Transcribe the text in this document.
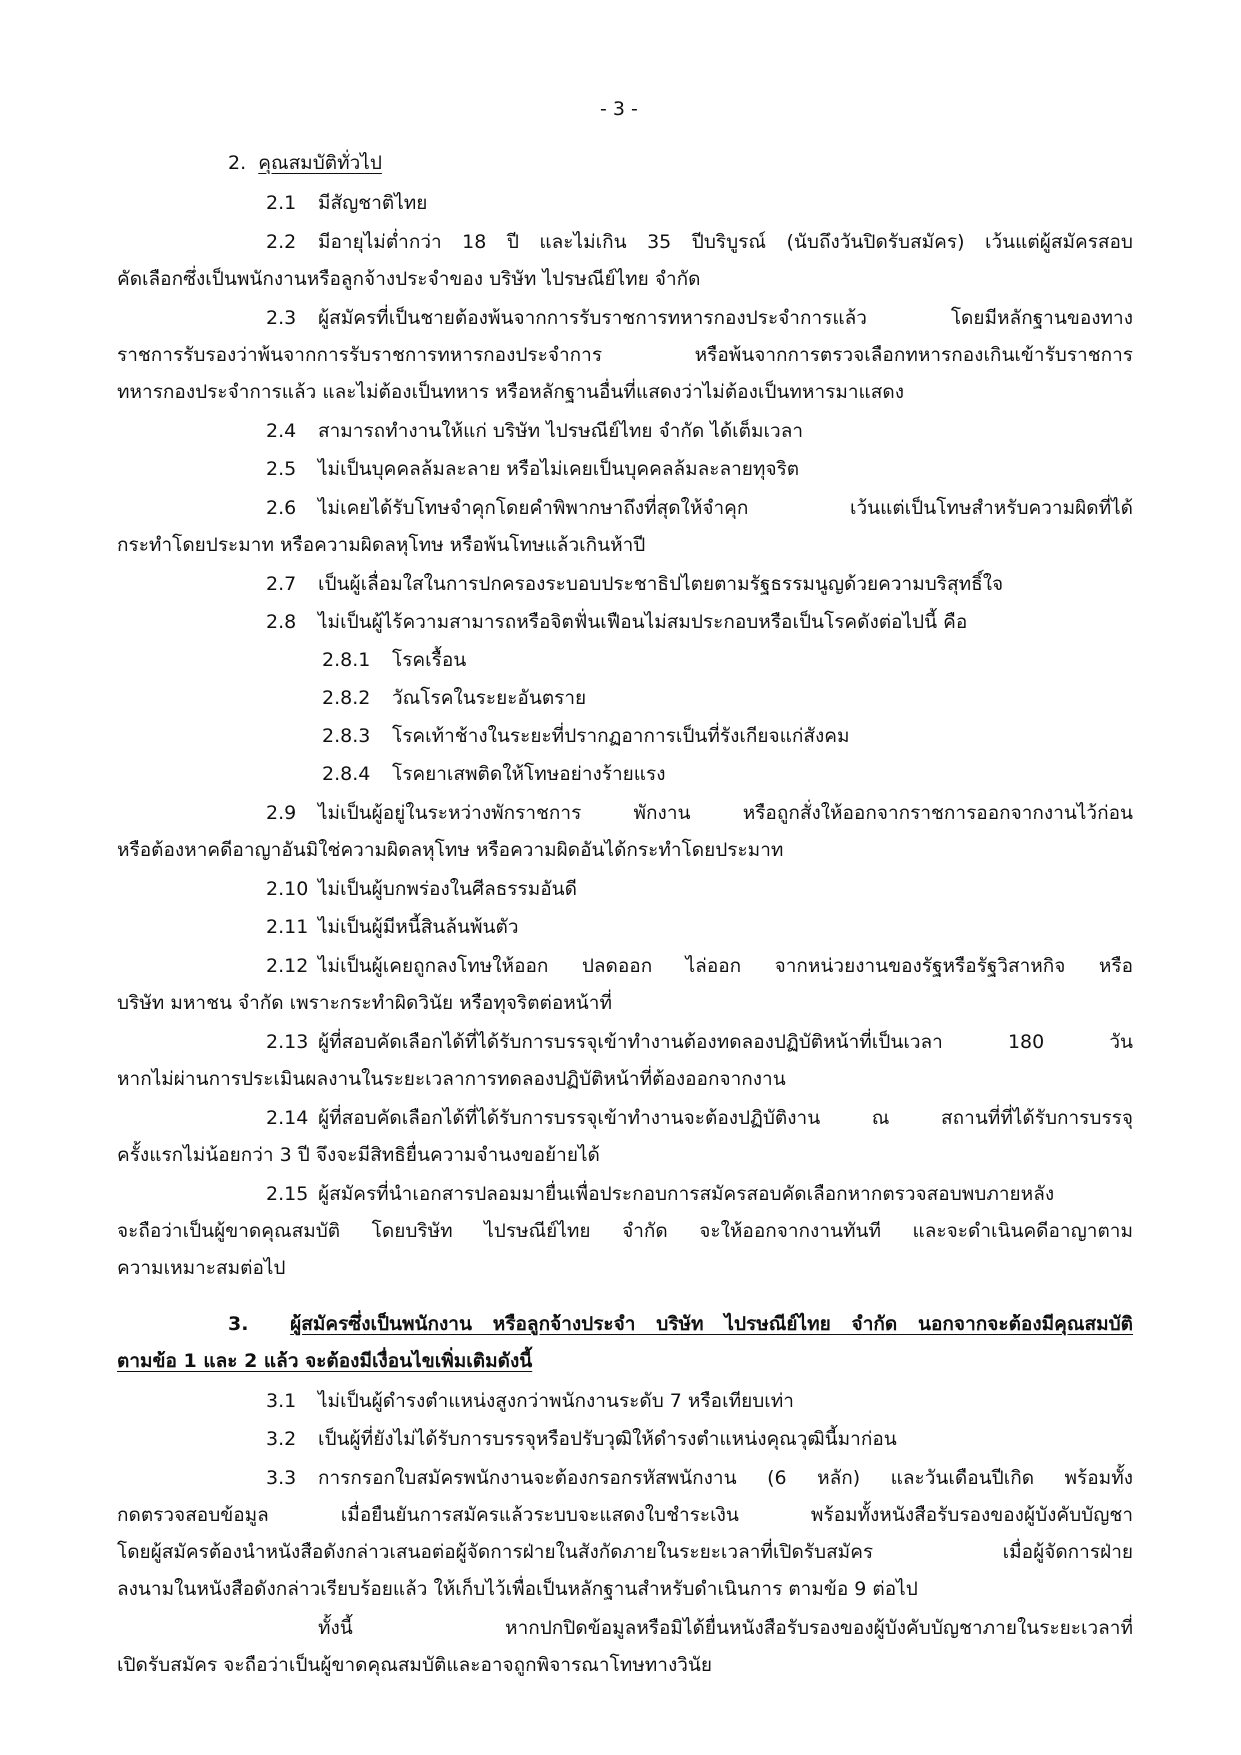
- 3 -
2. คุณสมบัติทั่วไป
2.1 มีสัญชาติไทย
2.2 มีอายุไม่ต่ำกว่า 18 ปี และไม่เกิน 35 ปีบริบูรณ์ (นับถึงวันปิดรับสมัคร) เว้นแต่ผู้สมัครสอบ
คัดเลือกซึ่งเป็นพนักงานหรือลูกจ้างประจำของ บริษัท ไปรษณีย์ไทย จำกัด
2.3 ผู้สมัครที่เป็นชายต้องพ้นจากการรับราชการทหารกองประจำการแล้ว โดยมีหลักฐานของทาง
ราชการรับรองว่าพ้นจากการรับราชการทหารกองประจำการ หรือพ้นจากการตรวจเลือกทหารกองเกินเข้ารับราชการ
ทหารกองประจำการแล้ว และไม่ต้องเป็นทหาร หรือหลักฐานอื่นที่แสดงว่าไม่ต้องเป็นทหารมาแสดง
2.4 สามารถทำงานให้แก่ บริษัท ไปรษณีย์ไทย จำกัด ได้เต็มเวลา
2.5 ไม่เป็นบุคคลล้มละลาย หรือไม่เคยเป็นบุคคลล้มละลายทุจริต
2.6 ไม่เคยได้รับโทษจำคุกโดยคำพิพากษาถึงที่สุดให้จำคุก เว้นแต่เป็นโทษสำหรับความผิดที่ได้
กระทำโดยประมาท หรือความผิดลหุโทษ หรือพ้นโทษแล้วเกินห้าปี
2.7 เป็นผู้เลื่อมใสในการปกครองระบอบประชาธิปไตยตามรัฐธรรมนูญด้วยความบริสุทธิ์ใจ
2.8 ไม่เป็นผู้ไร้ความสามารถหรือจิตฟั่นเฟือนไม่สมประกอบหรือเป็นโรคดังต่อไปนี้ คือ
2.8.1 โรคเรื้อน
2.8.2 วัณโรคในระยะอันตราย
2.8.3 โรคเท้าช้างในระยะที่ปรากฏอาการเป็นที่รังเกียจแก่สังคม
2.8.4 โรคยาเสพติดให้โทษอย่างร้ายแรง
2.9 ไม่เป็นผู้อยู่ในระหว่างพักราชการ พักงาน หรือถูกสั่งให้ออกจากราชการออกจากงานไว้ก่อน
หรือต้องหาคดีอาญาอันมิใช่ความผิดลหุโทษ หรือความผิดอันได้กระทำโดยประมาท
2.10 ไม่เป็นผู้บกพร่องในศีลธรรมอันดี
2.11 ไม่เป็นผู้มีหนี้สินล้นพ้นตัว
2.12 ไม่เป็นผู้เคยถูกลงโทษให้ออก ปลดออก ไล่ออก จากหน่วยงานของรัฐหรือรัฐวิสาหกิจ หรือ
บริษัท มหาชน จำกัด เพราะกระทำผิดวินัย หรือทุจริตต่อหน้าที่
2.13 ผู้ที่สอบคัดเลือกได้ที่ได้รับการบรรจุเข้าทำงานต้องทดลองปฏิบัติหน้าที่เป็นเวลา 180 วัน
หากไม่ผ่านการประเมินผลงานในระยะเวลาการทดลองปฏิบัติหน้าที่ต้องออกจากงาน
2.14 ผู้ที่สอบคัดเลือกได้ที่ได้รับการบรรจุเข้าทำงานจะต้องปฏิบัติงาน ณ สถานที่ที่ได้รับการบรรจุ
ครั้งแรกไม่น้อยกว่า 3 ปี จึงจะมีสิทธิยื่นความจำนงขอย้ายได้
2.15 ผู้สมัครที่นำเอกสารปลอมมายื่นเพื่อประกอบการสมัครสอบคัดเลือกหากตรวจสอบพบภายหลัง
จะถือว่าเป็นผู้ขาดคุณสมบัติ โดยบริษัท ไปรษณีย์ไทย จำกัด จะให้ออกจากงานทันที และจะดำเนินคดีอาญาตาม
ความเหมาะสมต่อไป
3. ผู้สมัครซึ่งเป็นพนักงาน หรือลูกจ้างประจำ บริษัท ไปรษณีย์ไทย จำกัด นอกจากจะต้องมีคุณสมบัติ
ตามข้อ 1 และ 2 แล้ว จะต้องมีเงื่อนไขเพิ่มเติมดังนี้
3.1 ไม่เป็นผู้ดำรงตำแหน่งสูงกว่าพนักงานระดับ 7 หรือเทียบเท่า
3.2 เป็นผู้ที่ยังไม่ได้รับการบรรจุหรือปรับวุฒิให้ดำรงตำแหน่งคุณวุฒินี้มาก่อน
3.3 การกรอกใบสมัครพนักงานจะต้องกรอกรหัสพนักงาน (6 หลัก) และวันเดือนปีเกิด พร้อมทั้ง
กดตรวจสอบข้อมูล เมื่อยืนยันการสมัครแล้วระบบจะแสดงใบชำระเงิน พร้อมทั้งหนังสือรับรองของผู้บังคับบัญชา
โดยผู้สมัครต้องนำหนังสือดังกล่าวเสนอต่อผู้จัดการฝ่ายในสังกัดภายในระยะเวลาที่เปิดรับสมัคร เมื่อผู้จัดการฝ่าย
ลงนามในหนังสือดังกล่าวเรียบร้อยแล้ว ให้เก็บไว้เพื่อเป็นหลักฐานสำหรับดำเนินการ ตามข้อ 9 ต่อไป
ทั้งนี้ หากปกปิดข้อมูลหรือมิได้ยื่นหนังสือรับรองของผู้บังคับบัญชาภายในระยะเวลาที่
เปิดรับสมัคร จะถือว่าเป็นผู้ขาดคุณสมบัติและอาจถูกพิจารณาโทษทางวินัย
